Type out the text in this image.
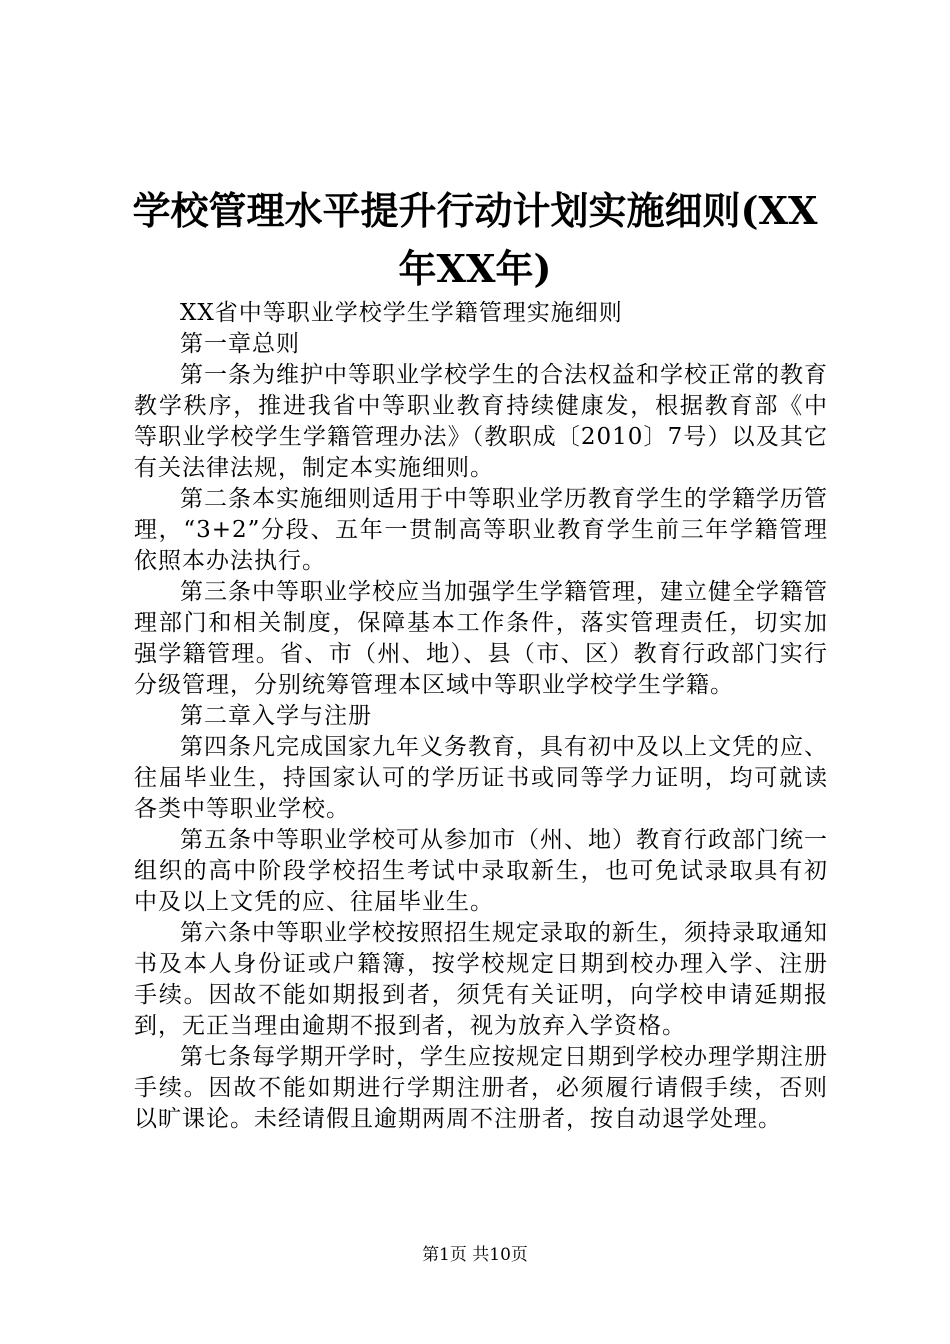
学校管理水平提升行动计划实施细则(XX年XX年)

XX省中等职业学校学生学籍管理实施细则

第一章总则

第一条为维护中等职业学校学生的合法权益和学校正常的教育教学秩序，推进我省中等职业教育持续健康发，根据教育部《中等职业学校学生学籍管理办法》（教职成〔2010〕7号）以及其它有关法律法规，制定本实施细则。

第二条本实施细则适用于中等职业学历教育学生的学籍学历管理，“3+2”分段、五年一贯制高等职业教育学生前三年学籍管理依照本办法执行。

第三条中等职业学校应当加强学生学籍管理，建立健全学籍管理部门和相关制度，保障基本工作条件，落实管理责任，切实加强学籍管理。省、市（州、地）、县（市、区）教育行政部门实行分级管理，分别统筹管理本区域中等职业学校学生学籍。

第二章入学与注册

第四条凡完成国家九年义务教育，具有初中及以上文凭的应、往届毕业生，持国家认可的学历证书或同等学力证明，均可就读各类中等职业学校。

第五条中等职业学校可从参加市（州、地）教育行政部门统一组织的高中阶段学校招生考试中录取新生，也可免试录取具有初中及以上文凭的应、往届毕业生。

第六条中等职业学校按照招生规定录取的新生，须持录取通知书及本人身份证或户籍簿，按学校规定日期到校办理入学、注册手续。因故不能如期报到者，须凭有关证明，向学校申请延期报到，无正当理由逾期不报到者，视为放弃入学资格。

第七条每学期开学时，学生应按规定日期到学校办理学期注册手续。因故不能如期进行学期注册者，必须履行请假手续，否则以旷课论。未经请假且逾期两周不注册者，按自动退学处理。

第1页 共10页
